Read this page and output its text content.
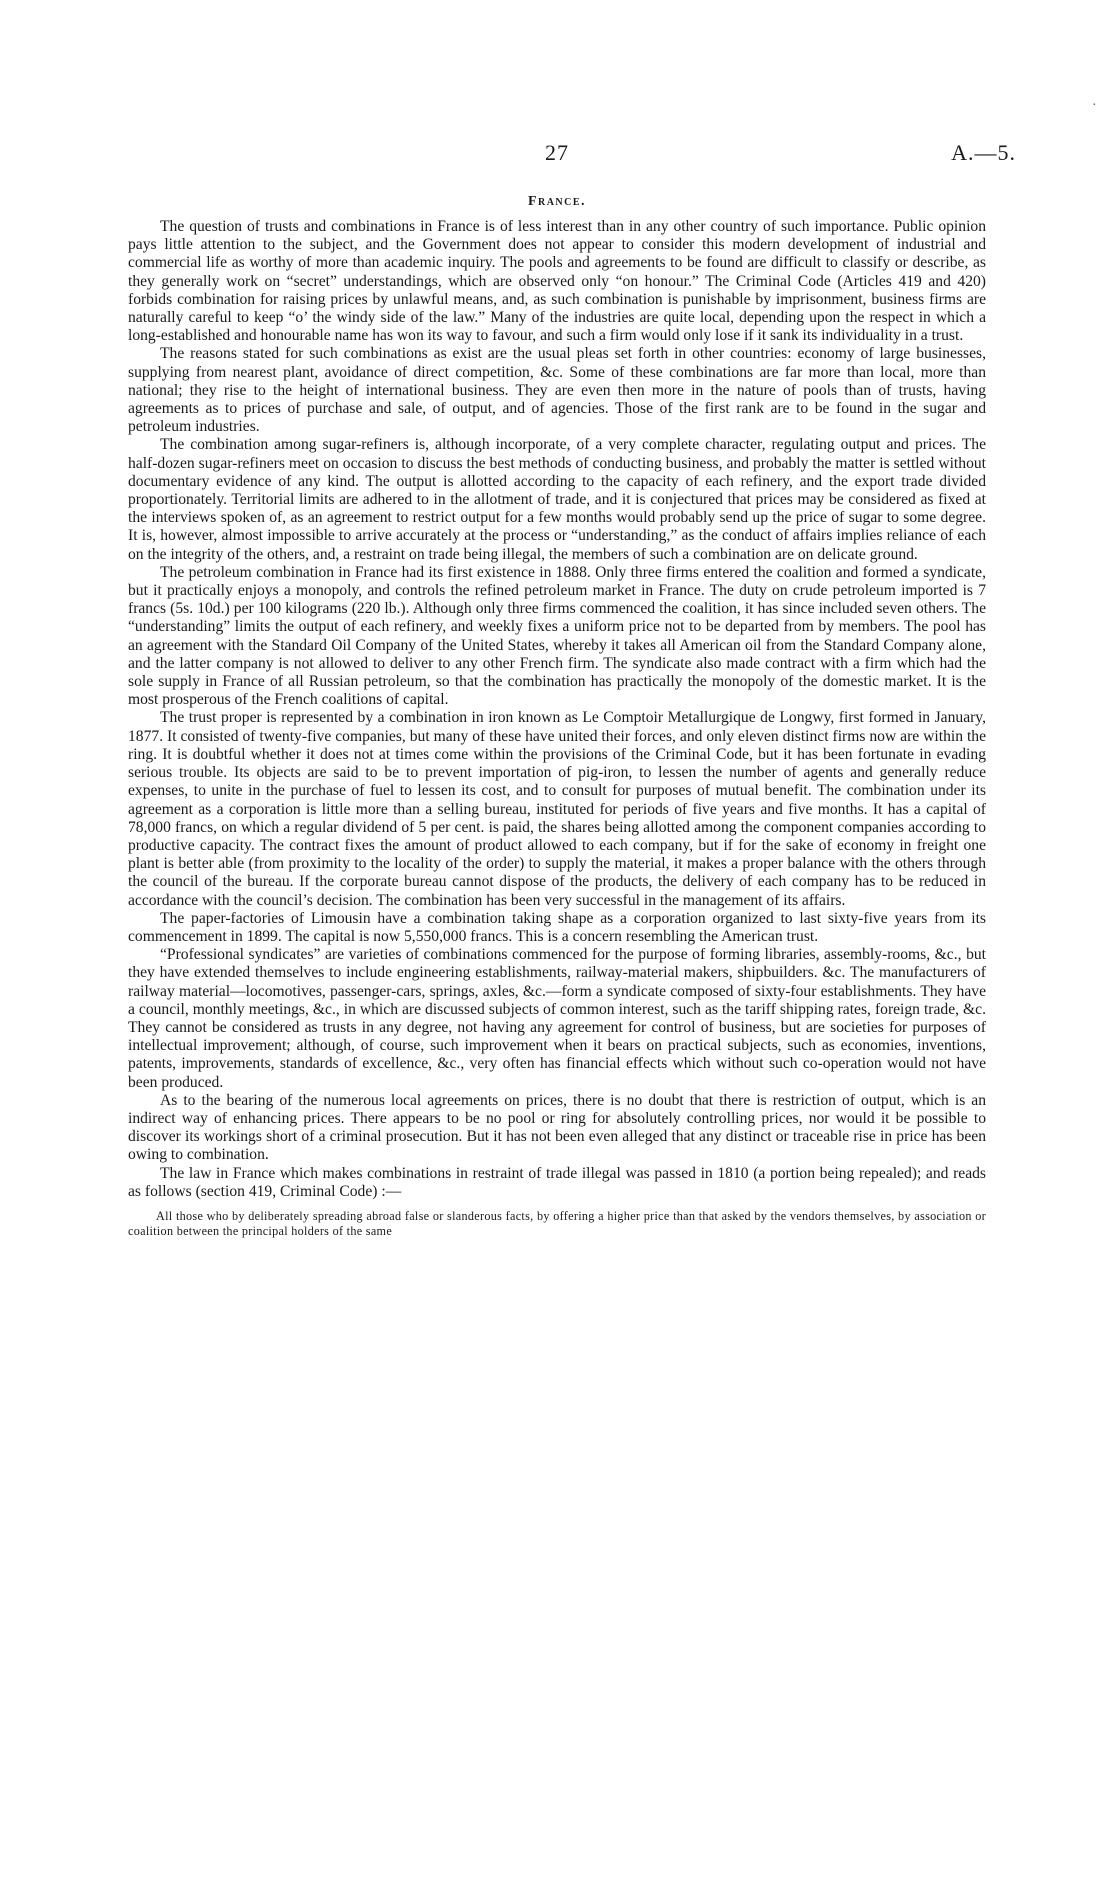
·
27	A.—5.
France.

The question of trusts and combinations in France is of less interest than in any other country of such importance. Public opinion pays little attention to the subject, and the Government does not appear to consider this modern development of industrial and commercial life as worthy of more than academic inquiry. The pools and agreements to be found are difficult to classify or describe, as they generally work on “secret” understandings, which are observed only “on honour.” The Criminal Code (Articles 419 and 420) forbids combination for raising prices by unlawful means, and, as such combination is punishable by imprisonment, business firms are naturally careful to keep “o’ the windy side of the law.” Many of the industries are quite local, depending upon the respect in which a long-established and honourable name has won its way to favour, and such a firm would only lose if it sank its individuality in a trust.

The reasons stated for such combinations as exist are the usual pleas set forth in other countries: economy of large businesses, supplying from nearest plant, avoidance of direct competition, &c. Some of these combinations are far more than local, more than national; they rise to the height of international business. They are even then more in the nature of pools than of trusts, having agreements as to prices of purchase and sale, of output, and of agencies. Those of the first rank are to be found in the sugar and petroleum industries.

The combination among sugar-refiners is, although incorporate, of a very complete character, regulating output and prices. The half-dozen sugar-refiners meet on occasion to discuss the best methods of conducting business, and probably the matter is settled without documentary evidence of any kind. The output is allotted according to the capacity of each refinery, and the export trade divided proportionately. Territorial limits are adhered to in the allotment of trade, and it is conjectured that prices may be considered as fixed at the interviews spoken of, as an agreement to restrict output for a few months would probably send up the price of sugar to some degree. It is, however, almost impossible to arrive accurately at the process or “understanding,” as the conduct of affairs implies reliance of each on the integrity of the others, and, a restraint on trade being illegal, the members of such a combination are on delicate ground.

The petroleum combination in France had its first existence in 1888. Only three firms entered the coalition and formed a syndicate, but it practically enjoys a monopoly, and controls the refined petroleum market in France. The duty on crude petroleum imported is 7 francs (5s. 10d.) per 100 kilograms (220 lb.). Although only three firms commenced the coalition, it has since included seven others. The “understanding” limits the output of each refinery, and weekly fixes a uniform price not to be departed from by members. The pool has an agreement with the Standard Oil Company of the United States, whereby it takes all American oil from the Standard Company alone, and the latter company is not allowed to deliver to any other French firm. The syndicate also made contract with a firm which had the sole supply in France of all Russian petroleum, so that the combination has practically the monopoly of the domestic market. It is the most prosperous of the French coalitions of capital.

The trust proper is represented by a combination in iron known as Le Comptoir Metallurgique de Longwy, first formed in January, 1877. It consisted of twenty-five companies, but many of these have united their forces, and only eleven distinct firms now are within the ring. It is doubtful whether it does not at times come within the provisions of the Criminal Code, but it has been fortunate in evading serious trouble. Its objects are said to be to prevent importation of pig-iron, to lessen the number of agents and generally reduce expenses, to unite in the purchase of fuel to lessen its cost, and to consult for purposes of mutual benefit. The combination under its agreement as a corporation is little more than a selling bureau, instituted for periods of five years and five months. It has a capital of 78,000 francs, on which a regular dividend of 5 per cent. is paid, the shares being allotted among the component companies according to productive capacity. The contract fixes the amount of product allowed to each company, but if for the sake of economy in freight one plant is better able (from proximity to the locality of the order) to supply the material, it makes a proper balance with the others through the council of the bureau. If the corporate bureau cannot dispose of the products, the delivery of each company has to be reduced in accordance with the council’s decision. The combination has been very successful in the management of its affairs.

The paper-factories of Limousin have a combination taking shape as a corporation organized to last sixty-five years from its commencement in 1899. The capital is now 5,550,000 francs. This is a concern resembling the American trust.

“Professional syndicates” are varieties of combinations commenced for the purpose of forming libraries, assembly-rooms, &c., but they have extended themselves to include engineering establishments, railway-material makers, shipbuilders. &c. The manufacturers of railway material—locomotives, passenger-cars, springs, axles, &c.—form a syndicate composed of sixty-four establishments. They have a council, monthly meetings, &c., in which are discussed subjects of common interest, such as the tariff shipping rates, foreign trade, &c. They cannot be considered as trusts in any degree, not having any agreement for control of business, but are societies for purposes of intellectual improvement; although, of course, such improvement when it bears on practical subjects, such as economies, inventions, patents, improvements, standards of excellence, &c., very often has financial effects which without such co-operation would not have been produced.

As to the bearing of the numerous local agreements on prices, there is no doubt that there is restriction of output, which is an indirect way of enhancing prices. There appears to be no pool or ring for absolutely controlling prices, nor would it be possible to discover its workings short of a criminal prosecution. But it has not been even alleged that any distinct or traceable rise in price has been owing to combination.

The law in France which makes combinations in restraint of trade illegal was passed in 1810 (a portion being repealed); and reads as follows (section 419, Criminal Code) :—

All those who by deliberately spreading abroad false or slanderous facts, by offering a higher price than that asked by the vendors themselves, by association or coalition between the principal holders of the same
